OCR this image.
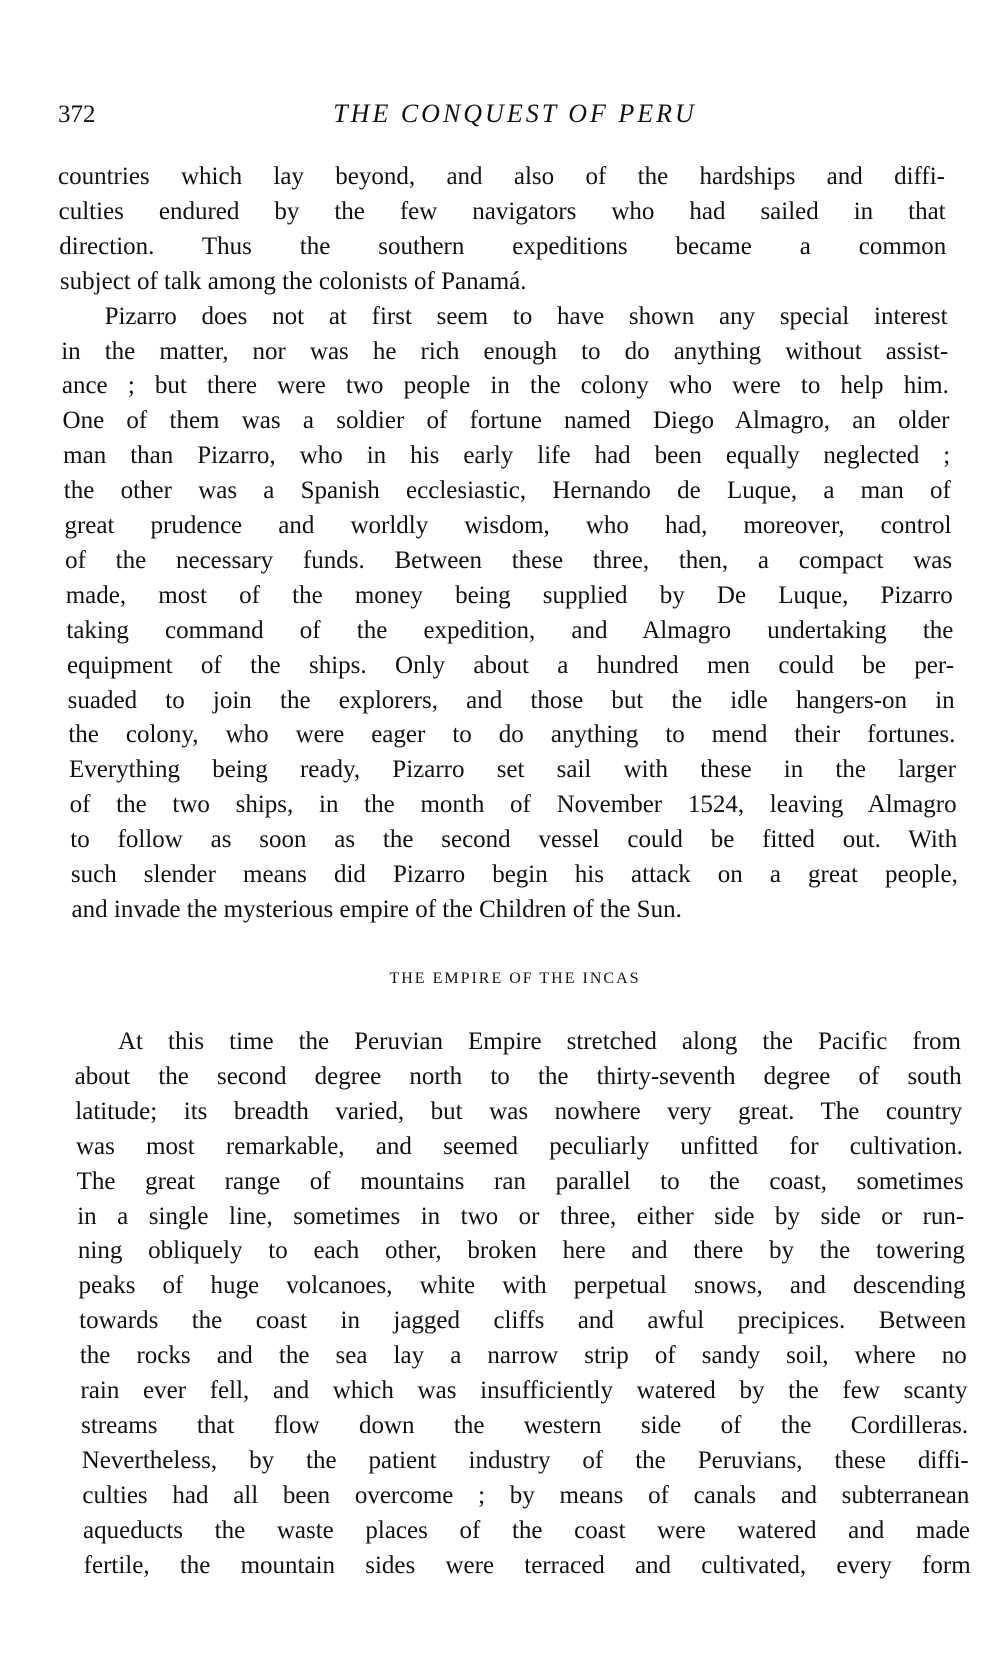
372	THE CONQUEST OF PERU
countries which lay beyond, and also of the hardships and diffi-
culties endured by the few navigators who had sailed in that
direction. Thus the southern expeditions became a common
subject of talk among the colonists of Panamá.
Pizarro does not at first seem to have shown any special interest
in the matter, nor was he rich enough to do anything without assist-
ance ; but there were two people in the colony who were to help him.
One of them was a soldier of fortune named Diego Almagro, an older
man than Pizarro, who in his early life had been equally neglected ;
the other was a Spanish ecclesiastic, Hernando de Luque, a man of
great prudence and worldly wisdom, who had, moreover, control
of the necessary funds. Between these three, then, a compact was
made, most of the money being supplied by De Luque, Pizarro
taking command of the expedition, and Almagro undertaking the
equipment of the ships. Only about a hundred men could be per-
suaded to join the explorers, and those but the idle hangers-on in
the colony, who were eager to do anything to mend their fortunes.
Everything being ready, Pizarro set sail with these in the larger
of the two ships, in the month of November 1524, leaving Almagro
to follow as soon as the second vessel could be fitted out. With
such slender means did Pizarro begin his attack on a great people,
and invade the mysterious empire of the Children of the Sun.
At this time the Peruvian Empire stretched along the Pacific from
about the second degree north to the thirty-seventh degree of south
latitude; its breadth varied, but was nowhere very great. The country
was most remarkable, and seemed peculiarly unfitted for cultivation.
The great range of mountains ran parallel to the coast, sometimes
in a single line, sometimes in two or three, either side by side or run-
ning obliquely to each other, broken here and there by the towering
peaks of huge volcanoes, white with perpetual snows, and descending
towards the coast in jagged cliffs and awful precipices. Between
the rocks and the sea lay a narrow strip of sandy soil, where no
rain ever fell, and which was insufficiently watered by the few scanty
streams that flow down the western side of the Cordilleras.
Nevertheless, by the patient industry of the Peruvians, these diffi-
culties had all been overcome ; by means of canals and subterranean
aqueducts the waste places of the coast were watered and made
fertile, the mountain sides were terraced and cultivated, every form
THE EMPIRE OF THE INCAS
